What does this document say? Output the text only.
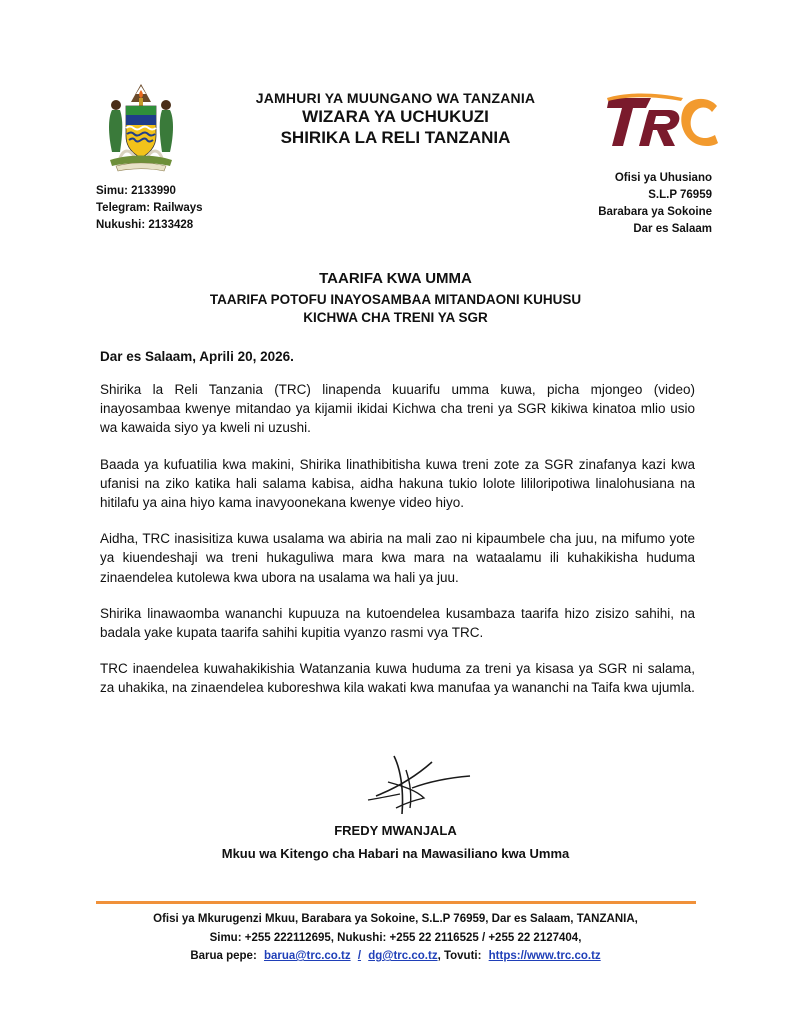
JAMHURI YA MUUNGANO WA TANZANIA
WIZARA YA UCHUKUZI
SHIRIKA LA RELI TANZANIA
Simu: 2133990
Telegram: Railways
Nukushi: 2133428
Ofisi ya Uhusiano
S.L.P 76959
Barabara ya Sokoine
Dar es Salaam
TAARIFA KWA UMMA
TAARIFA POTOFU INAYOSAMBAA MITANDAONI KUHUSU
KICHWA CHA TRENI YA SGR
Dar es Salaam, Aprili 20, 2026.

Shirika la Reli Tanzania (TRC) linapenda kuuarifu umma kuwa, picha mjongeo (video) inayosambaa kwenye mitandao ya kijamii ikidai Kichwa cha treni ya SGR kikiwa kinatoa mlio usio wa kawaida siyo ya kweli ni uzushi.

Baada ya kufuatilia kwa makini, Shirika linathibitisha kuwa treni zote za SGR zinafanya kazi kwa ufanisi na ziko katika hali salama kabisa, aidha hakuna tukio lolote lililoripotiwa linalohusiana na hitilafu ya aina hiyo kama inavyoonekana kwenye video hiyo.

Aidha, TRC inasisitiza kuwa usalama wa abiria na mali zao ni kipaumbele cha juu, na mifumo yote ya kiuendeshaji wa treni hukaguliwa mara kwa mara na wataalamu ili kuhakikisha huduma zinaendelea kutolewa kwa ubora na usalama wa hali ya juu.

Shirika linawaomba wananchi kupuuza na kutoendelea kusambaza taarifa hizo zisizo sahihi, na badala yake kupata taarifa sahihi kupitia vyanzo rasmi vya TRC.

TRC inaendelea kuwahakikishia Watanzania kuwa huduma za treni ya kisasa ya SGR ni salama, za uhakika, na zinaendelea kuboreshwa kila wakati kwa manufaa ya wananchi na Taifa kwa ujumla.

FREDY MWANJALA
Mkuu wa Kitengo cha Habari na Mawasiliano kwa Umma
Ofisi ya Mkurugenzi Mkuu, Barabara ya Sokoine, S.L.P 76959, Dar es Salaam, TANZANIA,
Simu: +255 222112695, Nukushi: +255 22 2116525 / +255 22 2127404,
Barua pepe: barua@trc.co.tz / dg@trc.co.tz, Tovuti: https://www.trc.co.tz
